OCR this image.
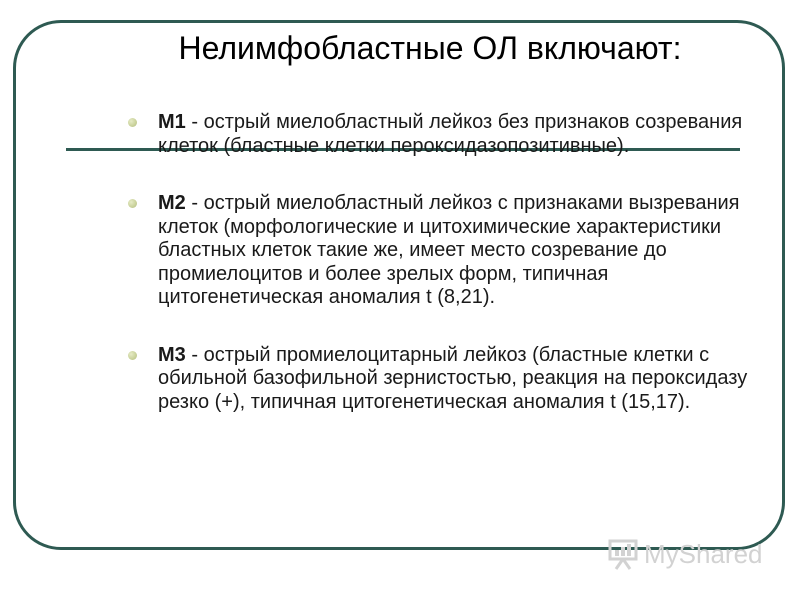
Нелимфобластные ОЛ включают:
М1 - острый миелобластный лейкоз без признаков созревания клеток (бластные клетки пероксидазопозитивные).
М2 - острый миелобластный лейкоз с признаками вызревания клеток (морфологические и цитохимические характеристики бластных клеток такие же, имеет место созревание до промиелоцитов и более зрелых форм, типичная цитогенетическая аномалия t (8,21).
М3 - острый промиелоцитарный лейкоз (бластные клетки с обильной базофильной зернистостью, реакция на пероксидазу резко (+), типичная цитогенетическая аномалия t (15,17).
MyShared
